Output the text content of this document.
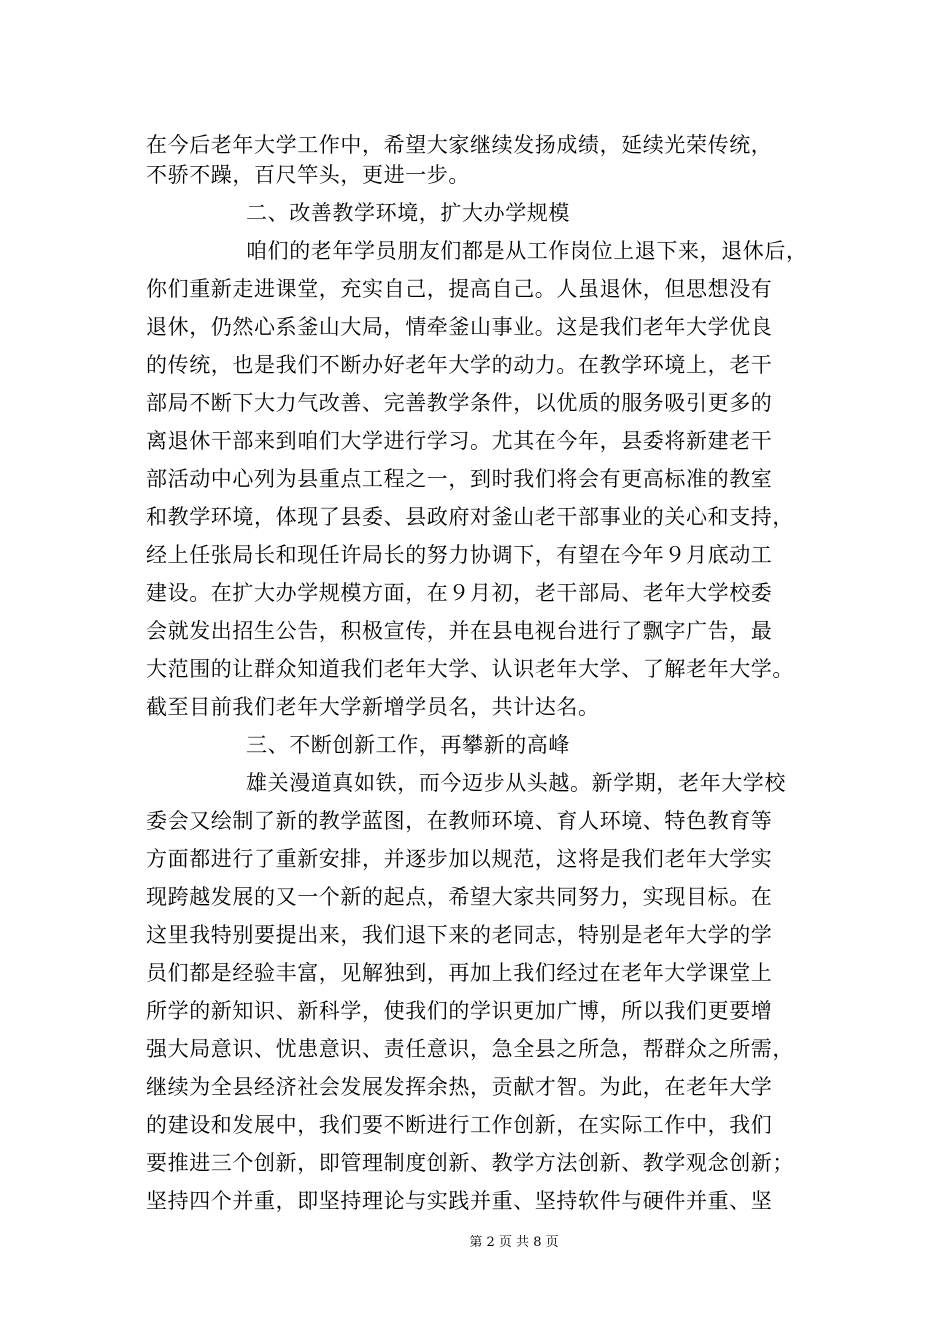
在今后老年大学工作中，希望大家继续发扬成绩，延续光荣传统，
不骄不躁，百尺竿头，更进一步。
二、改善教学环境，扩大办学规模
咱们的老年学员朋友们都是从工作岗位上退下来，退休后，
你们重新走进课堂，充实自己，提高自己。人虽退休，但思想没有
退休，仍然心系釜山大局，情牵釜山事业。这是我们老年大学优良
的传统，也是我们不断办好老年大学的动力。在教学环境上，老干
部局不断下大力气改善、完善教学条件，以优质的服务吸引更多的
离退休干部来到咱们大学进行学习。尤其在今年，县委将新建老干
部活动中心列为县重点工程之一，到时我们将会有更高标准的教室
和教学环境，体现了县委、县政府对釜山老干部事业的关心和支持，
经上任张局长和现任许局长的努力协调下，有望在今年９月底动工
建设。在扩大办学规模方面，在９月初，老干部局、老年大学校委
会就发出招生公告，积极宣传，并在县电视台进行了飘字广告，最
大范围的让群众知道我们老年大学、认识老年大学、了解老年大学。
截至目前我们老年大学新增学员名，共计达名。
三、不断创新工作，再攀新的高峰
雄关漫道真如铁，而今迈步从头越。新学期，老年大学校
委会又绘制了新的教学蓝图，在教师环境、育人环境、特色教育等
方面都进行了重新安排，并逐步加以规范，这将是我们老年大学实
现跨越发展的又一个新的起点，希望大家共同努力，实现目标。在
这里我特别要提出来，我们退下来的老同志，特别是老年大学的学
员们都是经验丰富，见解独到，再加上我们经过在老年大学课堂上
所学的新知识、新科学，使我们的学识更加广博，所以我们更要增
强大局意识、忧患意识、责任意识，急全县之所急，帮群众之所需，
继续为全县经济社会发展发挥余热，贡献才智。为此，在老年大学
的建设和发展中，我们要不断进行工作创新，在实际工作中，我们
要推进三个创新，即管理制度创新、教学方法创新、教学观念创新；
坚持四个并重，即坚持理论与实践并重、坚持软件与硬件并重、坚
第 2 页 共 8 页
